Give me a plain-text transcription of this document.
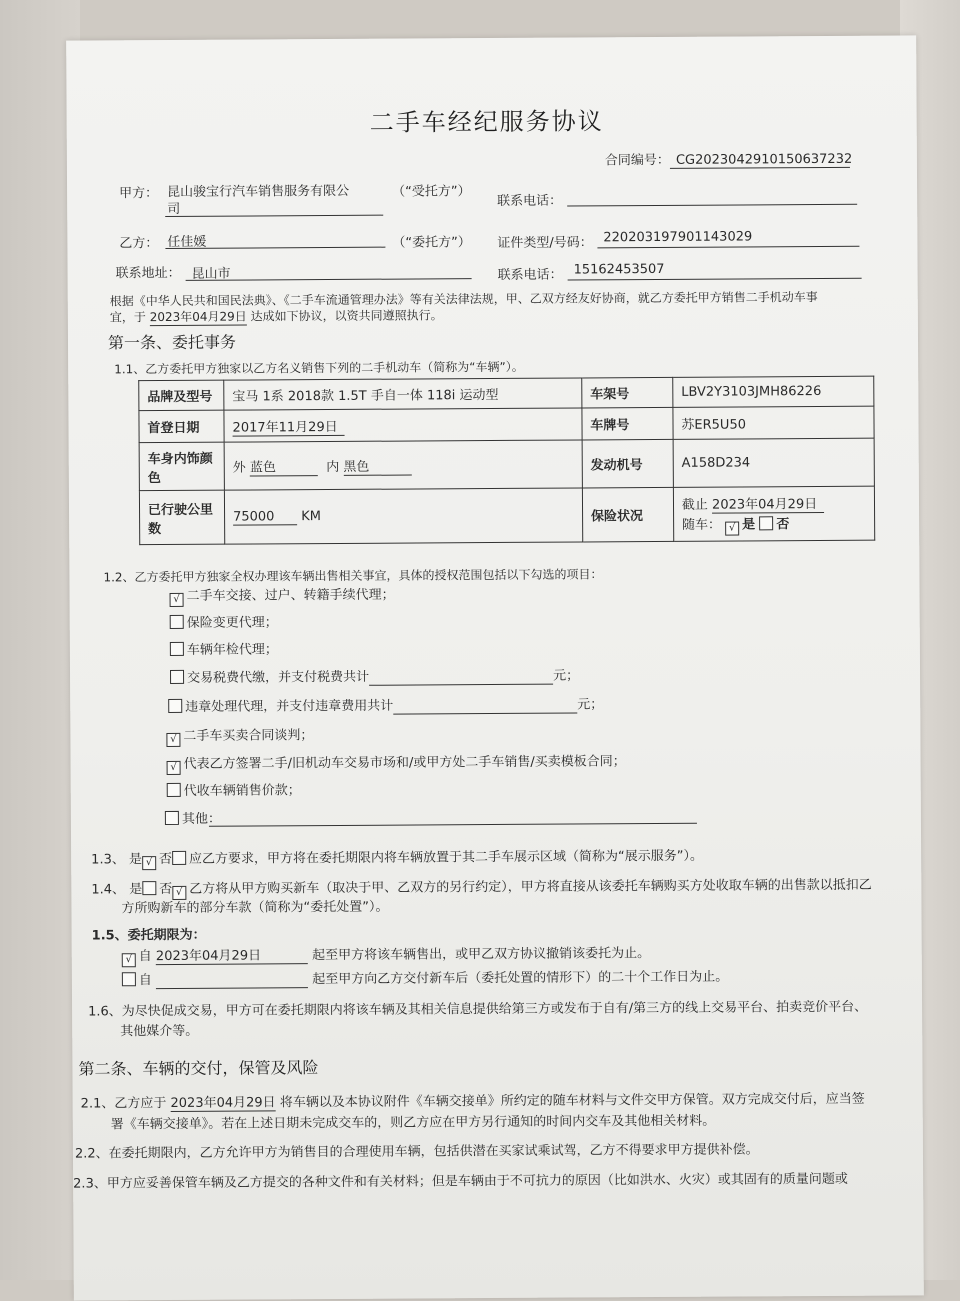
二手车经纪服务协议
合同编号： CG2023042910150637232
甲方： 昆山骏宝行汽车销售服务有限公
司
（“受托方”）
联系电话：
乙方： 任佳媛	（“委托方”） 证件类型/号码： 220203197901143029
联系地址： 昆山市	联系电话： 15162453507
根据《中华人民共和国民法典》、《二手车流通管理办法》等有关法律法规，甲、乙双方经友好协商，就乙方委托甲方销售二手机动车事
宜，于 2023年04月29日 达成如下协议，以资共同遵照执行。
第一条、委托事务
1.1、乙方委托甲方独家以乙方名义销售下列的二手机动车（简称为“车辆”）。
品牌及型号	宝马 1系 2018款 1.5T 手自一体 118i 运动型	车架号	LBV2Y3103JMH86226
首登日期	2017年11月29日	车牌号	苏ER5U50
车身内饰颜色	外 蓝色 内 黑色	发动机号	A158D234
已行驶公里数	75000 KM	保险状况	截止 2023年04月29日
随车： √ 是 否
1.2、乙方委托甲方独家全权办理该车辆出售相关事宜，具体的授权范围包括以下勾选的项目：
√ 二手车交接、过户、转籍手续代理；
保险变更代理；
车辆年检代理；
交易税费代缴，并支付税费共计	元；
违章处理代理，并支付违章费用共计	元；
√ 二手车买卖合同谈判；
√ 代表乙方签署二手/旧机动车交易市场和/或甲方处二手车销售/买卖模板合同；
代收车辆销售价款；
其他：
1.3、 是 √ 否 应乙方要求，甲方将在委托期限内将车辆放置于其二手车展示区域（简称为“展示服务”）。
1.4、 是 否 √ 乙方将从甲方购买新车（取决于甲、乙双方的另行约定），甲方将直接从该委托车辆购买方处收取车辆的出售款以抵扣乙
方所购新车的部分车款（简称为“委托处置”）。
1.5、委托期限为：
√ 自 2023年04月29日	起至甲方将该车辆售出，或甲乙双方协议撤销该委托为止。
自	起至甲方向乙方交付新车后（委托处置的情形下）的二十个工作日为止。
1.6、为尽快促成交易，甲方可在委托期限内将该车辆及其相关信息提供给第三方或发布于自有/第三方的线上交易平台、拍卖竞价平台、
其他媒介等。
第二条、车辆的交付，保管及风险
2.1、乙方应于 2023年04月29日 将车辆以及本协议附件《车辆交接单》所约定的随车材料与文件交甲方保管。双方完成交付后，应当签
署《车辆交接单》。若在上述日期未完成交车的，则乙方应在甲方另行通知的时间内交车及其他相关材料。
2.2、在委托期限内，乙方允许甲方为销售目的合理使用车辆，包括供潜在买家试乘试驾，乙方不得要求甲方提供补偿。
2.3、甲方应妥善保管车辆及乙方提交的各种文件和有关材料；但是车辆由于不可抗力的原因（比如洪水、火灾）或其固有的质量问题或
